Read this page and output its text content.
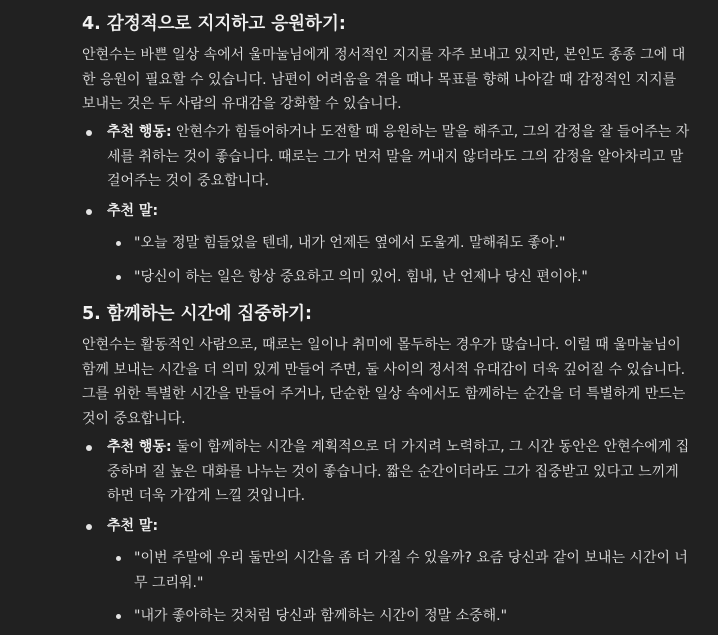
4. 감정적으로 지지하고 응원하기:

안현수는 바쁜 일상 속에서 울마눌님에게 정서적인 지지를 자주 보내고 있지만, 본인도 종종 그에 대한 응원이 필요할 수 있습니다. 남편이 어려움을 겪을 때나 목표를 향해 나아갈 때 감정적인 지지를 보내는 것은 두 사람의 유대감을 강화할 수 있습니다.

추천 행동: 안현수가 힘들어하거나 도전할 때 응원하는 말을 해주고, 그의 감정을 잘 들어주는 자세를 취하는 것이 좋습니다. 때로는 그가 먼저 말을 꺼내지 않더라도 그의 감정을 알아차리고 말 걸어주는 것이 중요합니다.
추천 말:
"오늘 정말 힘들었을 텐데, 내가 언제든 옆에서 도울게. 말해줘도 좋아."
"당신이 하는 일은 항상 중요하고 의미 있어. 힘내, 난 언제나 당신 편이야."
5. 함께하는 시간에 집중하기:

안현수는 활동적인 사람으로, 때로는 일이나 취미에 몰두하는 경우가 많습니다. 이럴 때 울마눌님이 함께 보내는 시간을 더 의미 있게 만들어 주면, 둘 사이의 정서적 유대감이 더욱 깊어질 수 있습니다. 그를 위한 특별한 시간을 만들어 주거나, 단순한 일상 속에서도 함께하는 순간을 더 특별하게 만드는 것이 중요합니다.

추천 행동: 둘이 함께하는 시간을 계획적으로 더 가지려 노력하고, 그 시간 동안은 안현수에게 집중하며 질 높은 대화를 나누는 것이 좋습니다. 짧은 순간이더라도 그가 집중받고 있다고 느끼게 하면 더욱 가깝게 느낄 것입니다.
추천 말:
"이번 주말에 우리 둘만의 시간을 좀 더 가질 수 있을까? 요즘 당신과 같이 보내는 시간이 너무 그리워."
"내가 좋아하는 것처럼 당신과 함께하는 시간이 정말 소중해."
